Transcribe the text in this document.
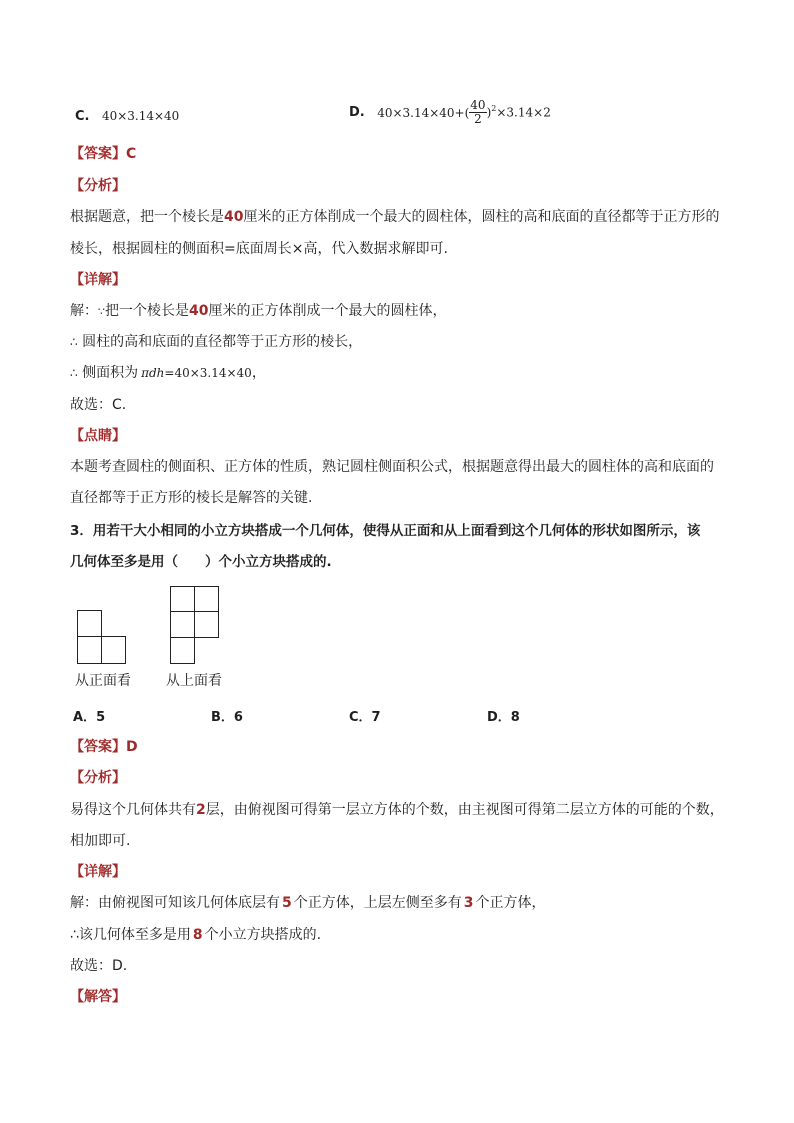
C. 40×3.14×40	D. $40\times 3.14\times 40+( \frac{40}{2} )^2\times 3.14\times 2$
【答案】C
【分析】
根据题意，把一个棱长是40厘米的正方体削成一个最大的圆柱体，圆柱的高和底面的直径都等于正方形的
棱长，根据圆柱的侧面积=底面周长×高，代入数据求解即可.
【详解】
解：∵把一个棱长是40厘米的正方体削成一个最大的圆柱体，
∴ 圆柱的高和底面的直径都等于正方形的棱长，
∴ 侧面积为 πdh=40×3.14×40，
故选：C.
【点睛】
本题考查圆柱的侧面积、正方体的性质，熟记圆柱侧面积公式，根据题意得出最大的圆柱体的高和底面的
直径都等于正方形的棱长是解答的关键.
3．用若干大小相同的小立方块搭成一个几何体，使得从正面和从上面看到这个几何体的形状如图所示，该
几何体至多是用（　　）个小立方块搭成的.
从正面看	从上面看
A．5	B．6	C．7	D．8
【答案】D
【分析】
易得这个几何体共有2层，由俯视图可得第一层立方体的个数，由主视图可得第二层立方体的可能的个数，
相加即可.
【详解】
解：由俯视图可知该几何体底层有 5 个正方体，上层左侧至多有 3 个正方体，
∴该几何体至多是用 8 个小立方块搭成的.
故选：D.
【解答】
